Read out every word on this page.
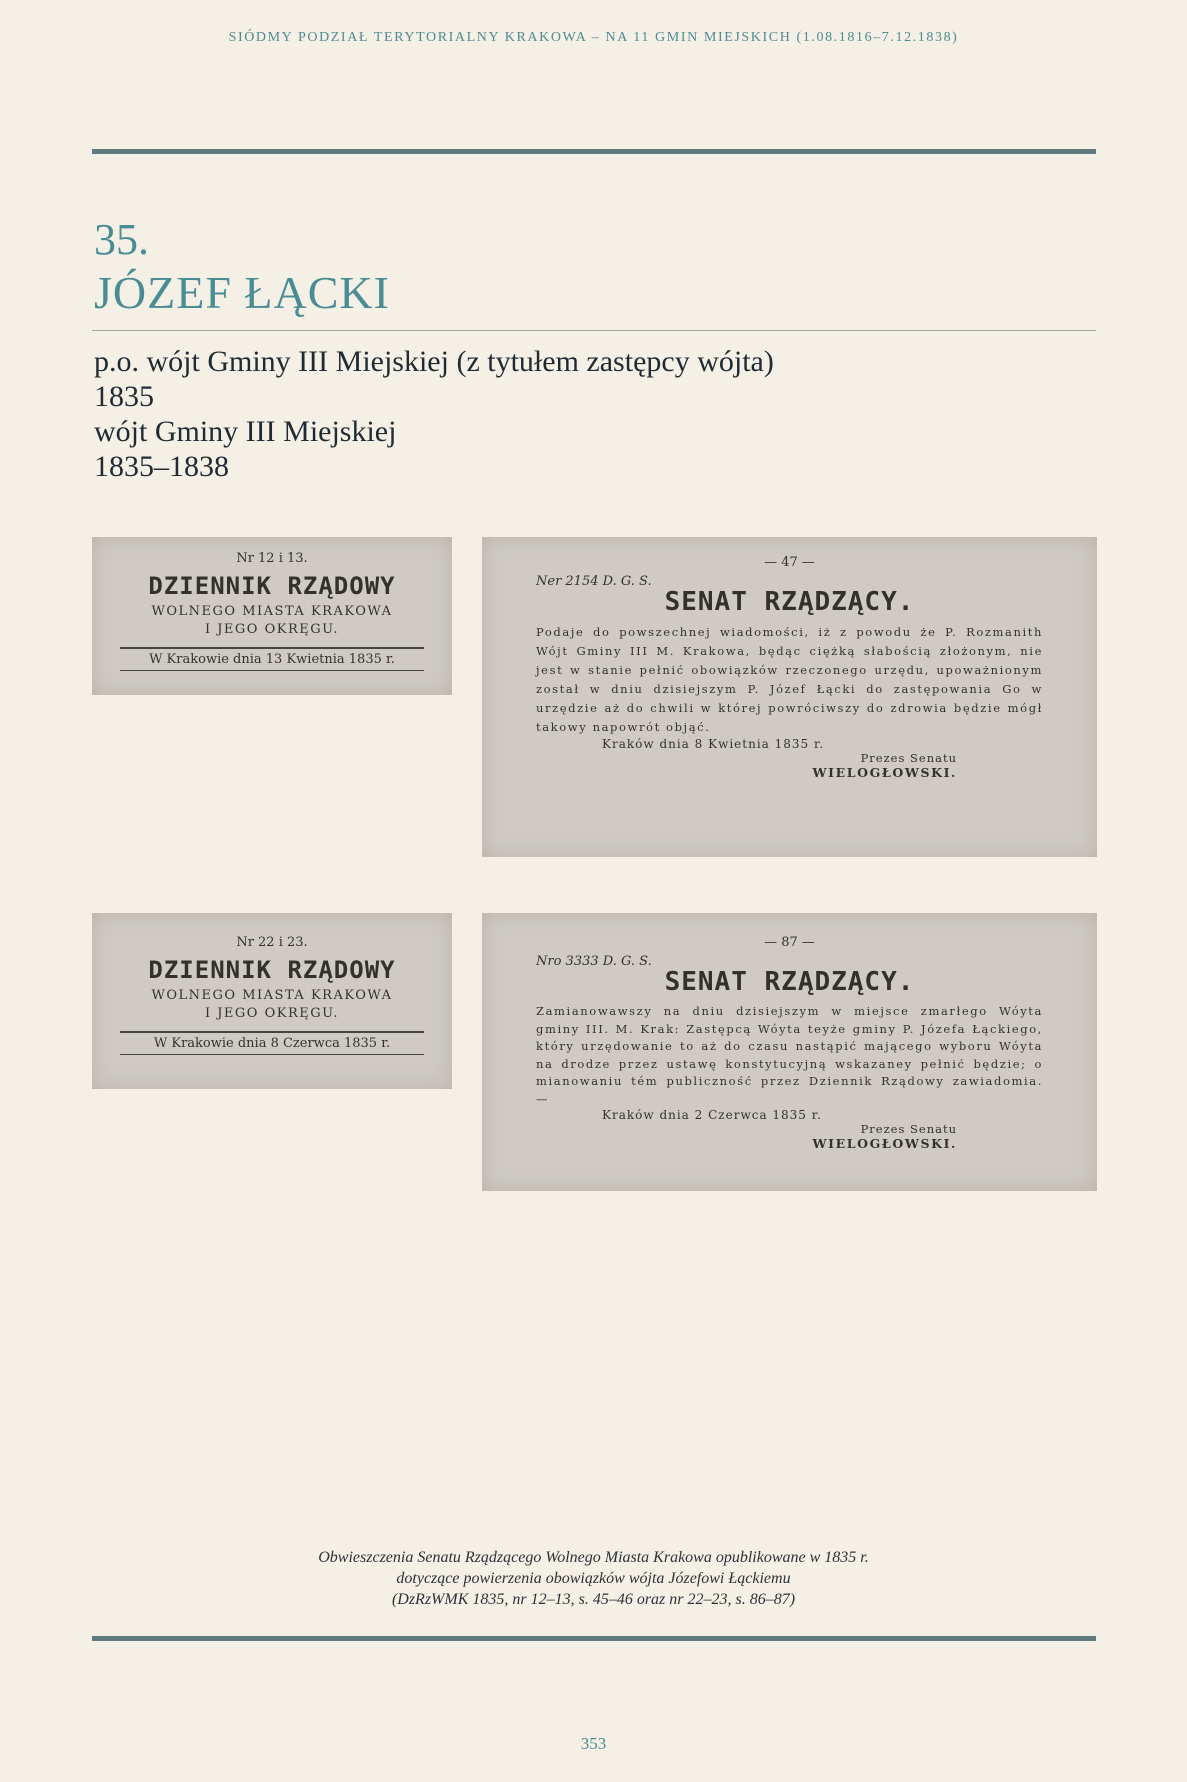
SIÓDMY PODZIAŁ TERYTORIALNY KRAKOWA – NA 11 GMIN MIEJSKICH (1.08.1816–7.12.1838)
35.
JÓZEF ŁĄCKI
p.o. wójt Gminy III Miejskiej (z tytułem zastępcy wójta)
1835
wójt Gminy III Miejskiej
1835–1838
Nr 12 i 13.
DZIENNIK RZĄDOWY
WOLNEGO MIASTA KRAKOWA
I JEGO OKRĘGU.
W Krakowie dnia 13 Kwietnia 1835 r.
— 47 —
Ner 2154 D. G. S.
SENAT RZĄDZĄCY.
Podaje do powszechnej wiadomości, iż z powodu że P. Rozmanith Wójt Gminy III M. Krakowa, będąc ciężką słabością złożonym, nie jest w stanie pełnić obowiązków rzeczonego urzędu, upoważnionym został w dniu dzisiejszym P. Józef Łącki do zastępowania Go w urzędzie aż do chwili w której powróciwszy do zdrowia będzie mógł takowy napowrót objąć.
Kraków dnia 8 Kwietnia 1835 r.
Prezes Senatu
WIELOGŁOWSKI.
Nr 22 i 23.
DZIENNIK RZĄDOWY
WOLNEGO MIASTA KRAKOWA
I JEGO OKRĘGU.
W Krakowie dnia 8 Czerwca 1835 r.
— 87 —
Nro 3333 D. G. S.
SENAT RZĄDZĄCY.
Zamianowawszy na dniu dzisiejszym w miejsce zmarłego Wóyta gminy III. M. Krak: Zastępcą Wóyta teyże gminy P. Józefa Łąckiego, który urzędowanie to aż do czasu nastąpić mającego wyboru Wóyta na drodze przez ustawę konstytucyjną wskazaney pełnić będzie; o mianowaniu tém publiczność przez Dziennik Rządowy zawiadomia. —
Kraków dnia 2 Czerwca 1835 r.
Prezes Senatu
WIELOGŁOWSKI.
Obwieszczenia Senatu Rządzącego Wolnego Miasta Krakowa opublikowane w 1835 r.
dotyczące powierzenia obowiązków wójta Józefowi Łąckiemu
(DzRzWMK 1835, nr 12–13, s. 45–46 oraz nr 22–23, s. 86–87)
353
